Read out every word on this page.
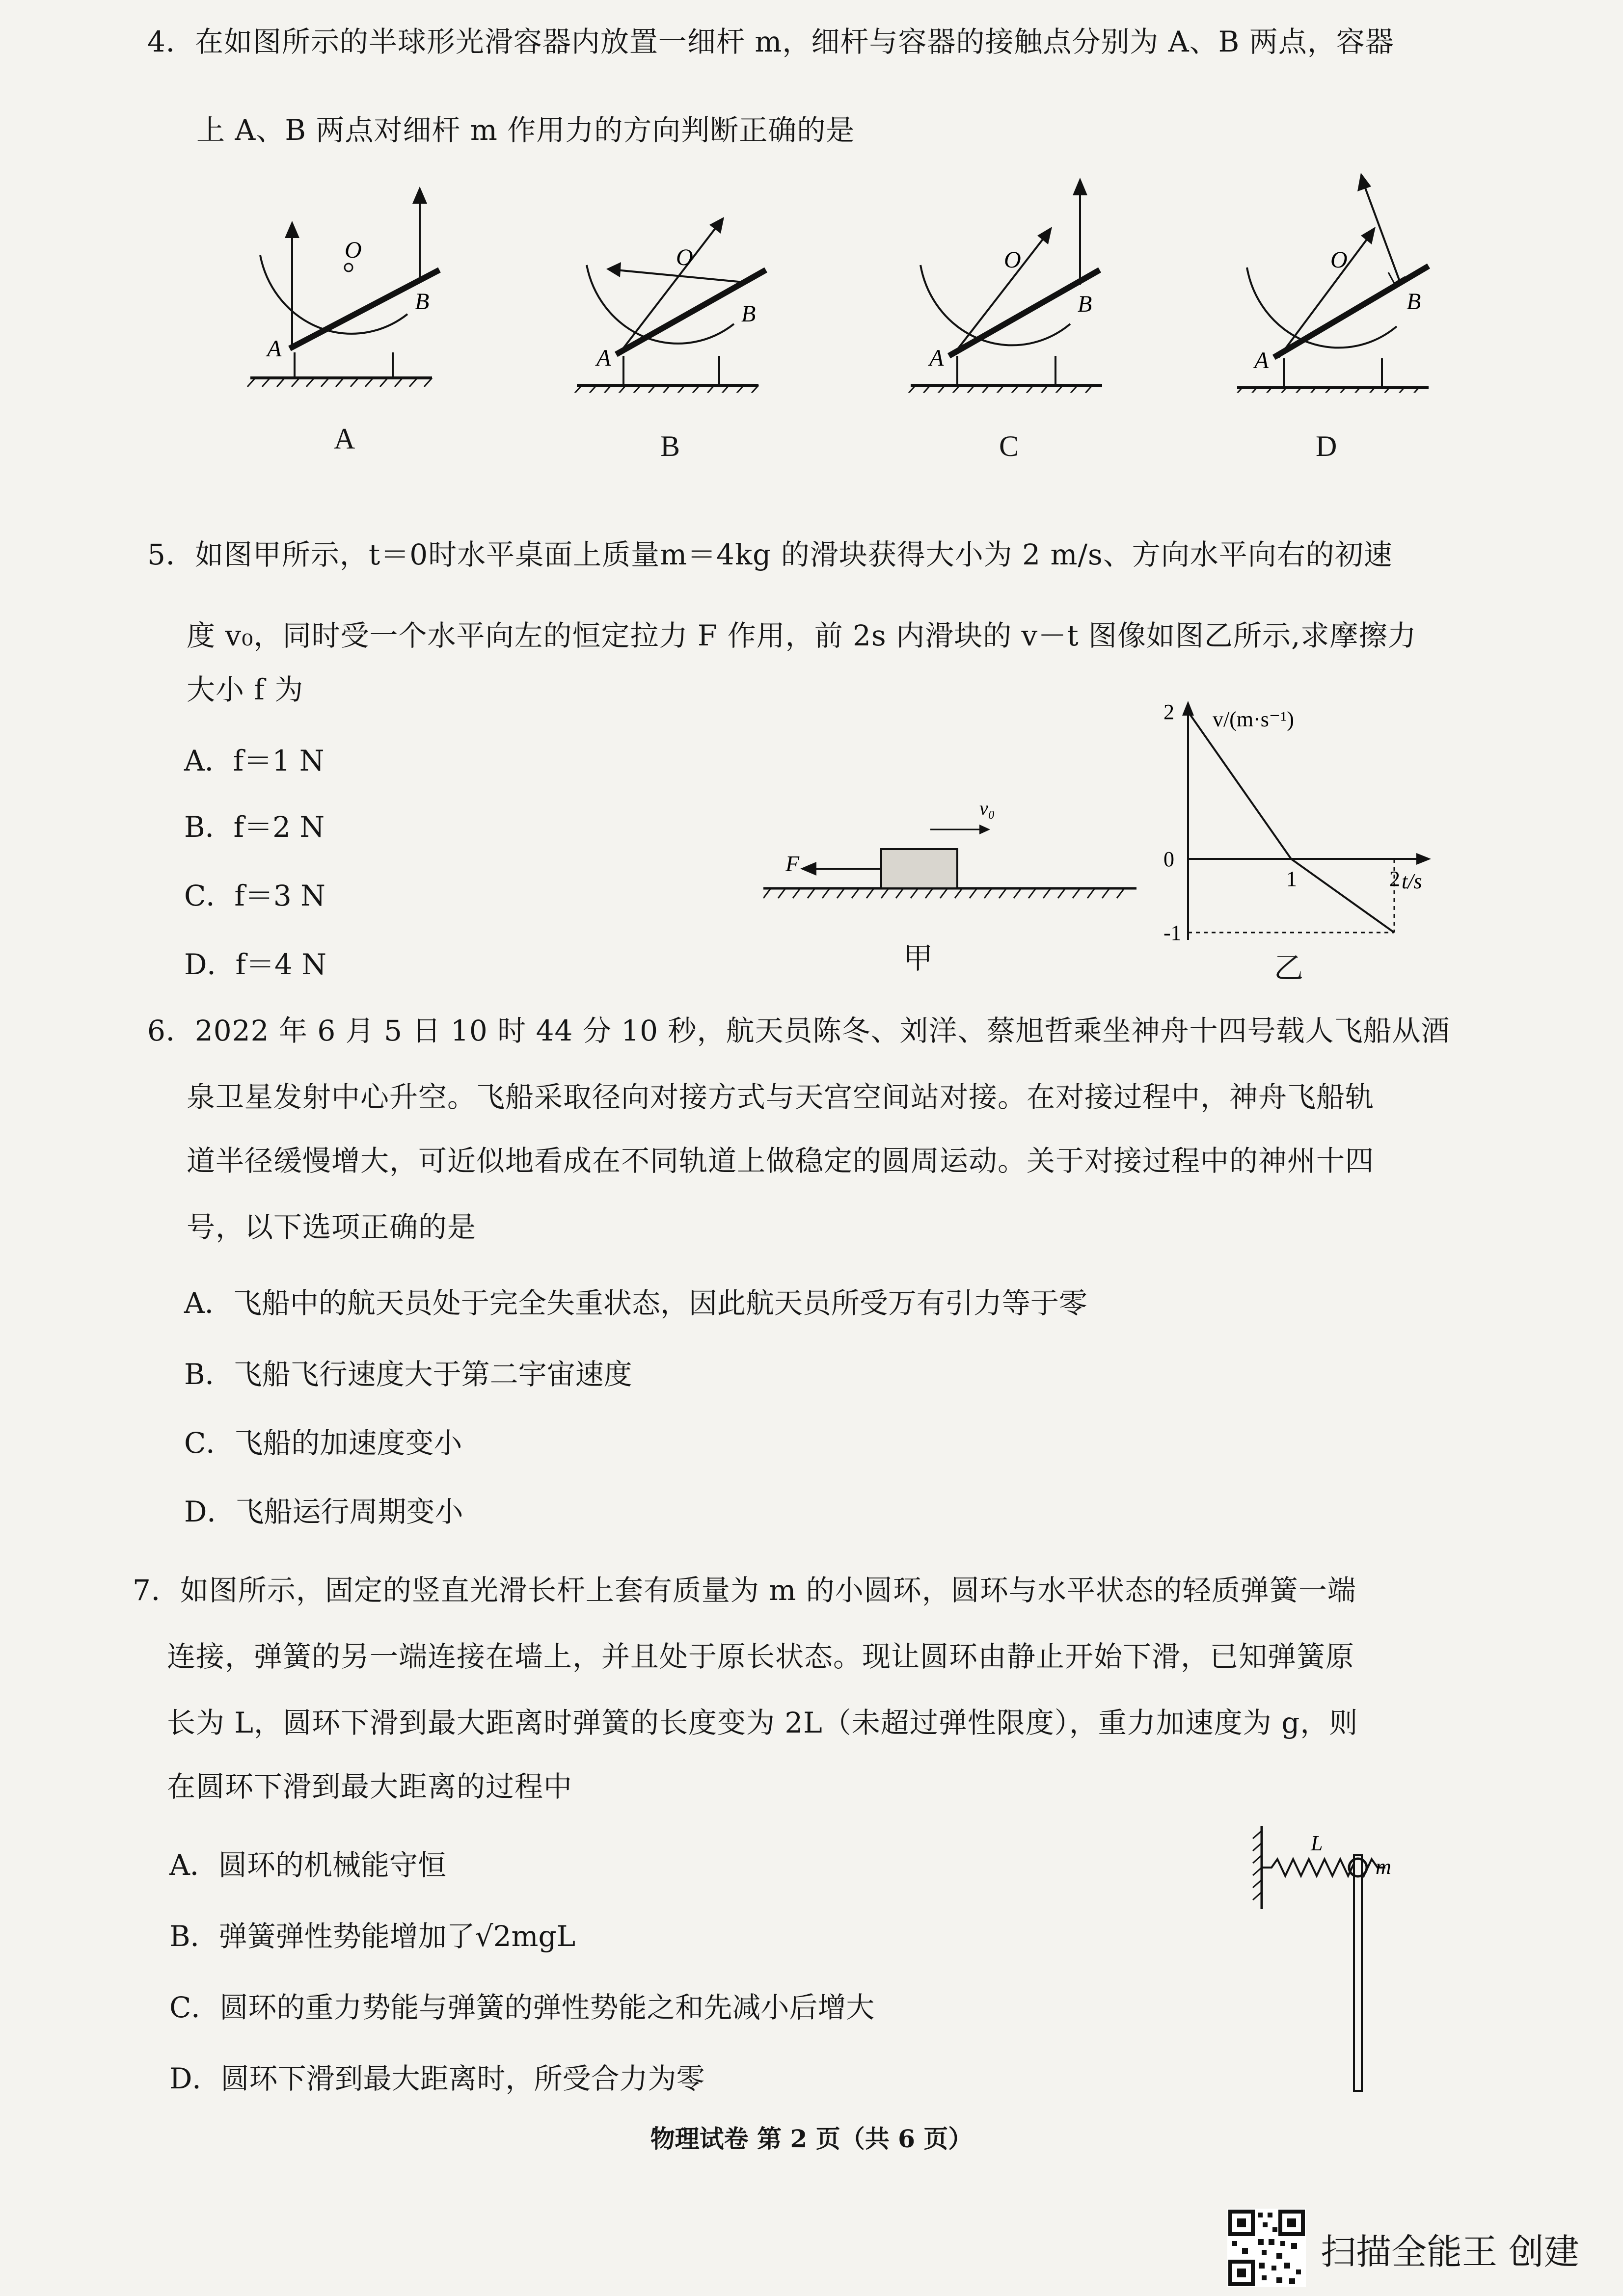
4．在如图所示的半球形光滑容器内放置一细杆 m，细杆与容器的接触点分别为 A、B 两点，容器
上 A、B 两点对细杆 m 作用力的方向判断正确的是
O
A
B
A
O
A
B
B
O
A
B
C
O
A
B
D
5．如图甲所示，t＝0时水平桌面上质量m＝4kg 的滑块获得大小为 2 m/s、方向水平向右的初速
度 v₀，同时受一个水平向左的恒定拉力 F 作用，前 2s 内滑块的 v－t 图像如图乙所示,求摩擦力
大小 f 为
A．f＝1 N
B．f＝2 N
C．f＝3 N
D．f＝4 N
F
v₀
甲
v/(m·s⁻¹)
t/s
2
0
-1
1	2
乙
6．2022 年 6 月 5 日 10 时 44 分 10 秒，航天员陈冬、刘洋、蔡旭哲乘坐神舟十四号载人飞船从酒
泉卫星发射中心升空。飞船采取径向对接方式与天宫空间站对接。在对接过程中，神舟飞船轨
道半径缓慢增大，可近似地看成在不同轨道上做稳定的圆周运动。关于对接过程中的神州十四
号，以下选项正确的是
A．飞船中的航天员处于完全失重状态，因此航天员所受万有引力等于零
B．飞船飞行速度大于第二宇宙速度
C．飞船的加速度变小
D．飞船运行周期变小
7．如图所示，固定的竖直光滑长杆上套有质量为 m 的小圆环，圆环与水平状态的轻质弹簧一端
连接，弹簧的另一端连接在墙上，并且处于原长状态。现让圆环由静止开始下滑，已知弹簧原
长为 L，圆环下滑到最大距离时弹簧的长度变为 2L（未超过弹性限度），重力加速度为 g，则
在圆环下滑到最大距离的过程中
A．圆环的机械能守恒
B．弹簧弹性势能增加了√2mgL
C．圆环的重力势能与弹簧的弹性势能之和先减小后增大
D．圆环下滑到最大距离时，所受合力为零
L
m
物理试卷 第 2 页（共 6 页）
扫描全能王 创建
